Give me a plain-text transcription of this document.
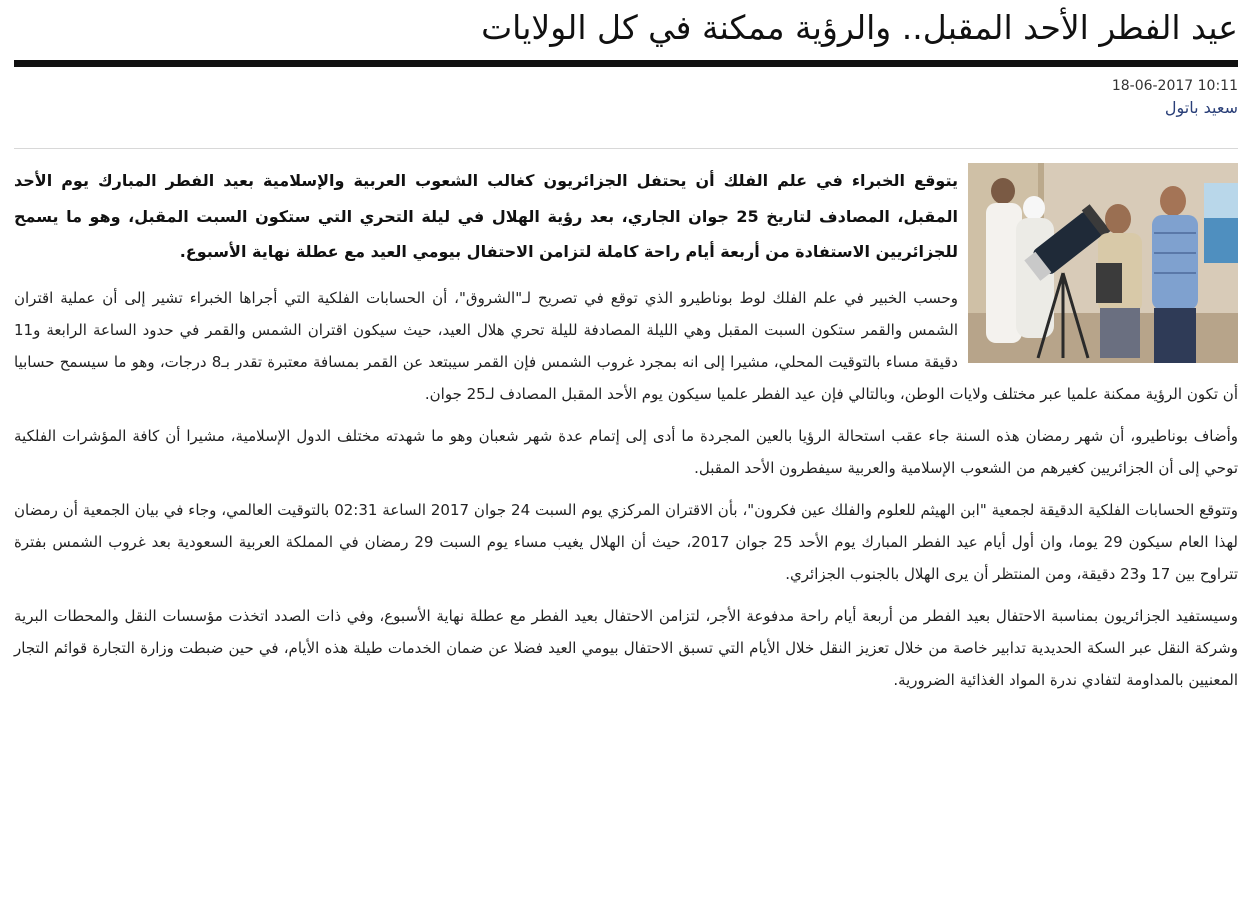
عيد الفطر الأحد المقبل.. والرؤية ممكنة في كل الولايات
18-06-2017 10:11
سعيد باتول

يتوقع الخبراء في علم الفلك أن يحتفل الجزائريون كغالب الشعوب العربية والإسلامية بعيد الفطر المبارك يوم الأحد المقبل، المصادف لتاريخ 25 جوان الجاري، بعد رؤية الهلال في ليلة التحري التي ستكون السبت المقبل، وهو ما يسمح للجزائريين الاستفادة من أربعة أيام راحة كاملة لتزامن الاحتفال بيومي العيد مع عطلة نهاية الأسبوع.

وحسب الخبير في علم الفلك لوط بوناطيرو الذي توقع في تصريح لـ"الشروق"، أن الحسابات الفلكية التي أجراها الخبراء تشير إلى أن عملية اقتران الشمس والقمر ستكون السبت المقبل وهي الليلة المصادفة لليلة تحري هلال العيد، حيث سيكون اقتران الشمس والقمر في حدود الساعة الرابعة و11 دقيقة مساء بالتوقيت المحلي، مشيرا إلى انه بمجرد غروب الشمس فإن القمر سيبتعد عن القمر بمسافة معتبرة تقدر بـ8 درجات، وهو ما سيسمح حسابيا أن تكون الرؤية ممكنة علميا عبر مختلف ولايات الوطن، وبالتالي فإن عيد الفطر علميا سيكون يوم الأحد المقبل المصادف لـ25 جوان.

وأضاف بوناطيرو، أن شهر رمضان هذه السنة جاء عقب استحالة الرؤيا بالعين المجردة ما أدى إلى إتمام عدة شهر شعبان وهو ما شهدته مختلف الدول الإسلامية، مشيرا أن كافة المؤشرات الفلكية توحي إلى أن الجزائريين كغيرهم من الشعوب الإسلامية والعربية سيفطرون الأحد المقبل.

وتتوقع الحسابات الفلكية الدقيقة لجمعية "ابن الهيثم للعلوم والفلك عين فكرون"، بأن الاقتران المركزي يوم السبت 24 جوان 2017 الساعة 02:31 بالتوقيت العالمي، وجاء في بيان الجمعية أن رمضان لهذا العام سيكون 29 يوما، وان أول أيام عيد الفطر المبارك يوم الأحد 25 جوان 2017، حيث أن الهلال يغيب مساء يوم السبت 29 رمضان في المملكة العربية السعودية بعد غروب الشمس بفترة تتراوح بين 17 و23 دقيقة، ومن المنتظر أن يرى الهلال بالجنوب الجزائري.

وسيستفيد الجزائريون بمناسبة الاحتفال بعيد الفطر من أربعة أيام راحة مدفوعة الأجر، لتزامن الاحتفال بعيد الفطر مع عطلة نهاية الأسبوع، وفي ذات الصدد اتخذت مؤسسات النقل والمحطات البرية وشركة النقل عبر السكة الحديدية تدابير خاصة من خلال تعزيز النقل خلال الأيام التي تسبق الاحتفال بيومي العيد فضلا عن ضمان الخدمات طيلة هذه الأيام، في حين ضبطت وزارة التجارة قوائم التجار المعنيين بالمداومة لتفادي ندرة المواد الغذائية الضرورية.
